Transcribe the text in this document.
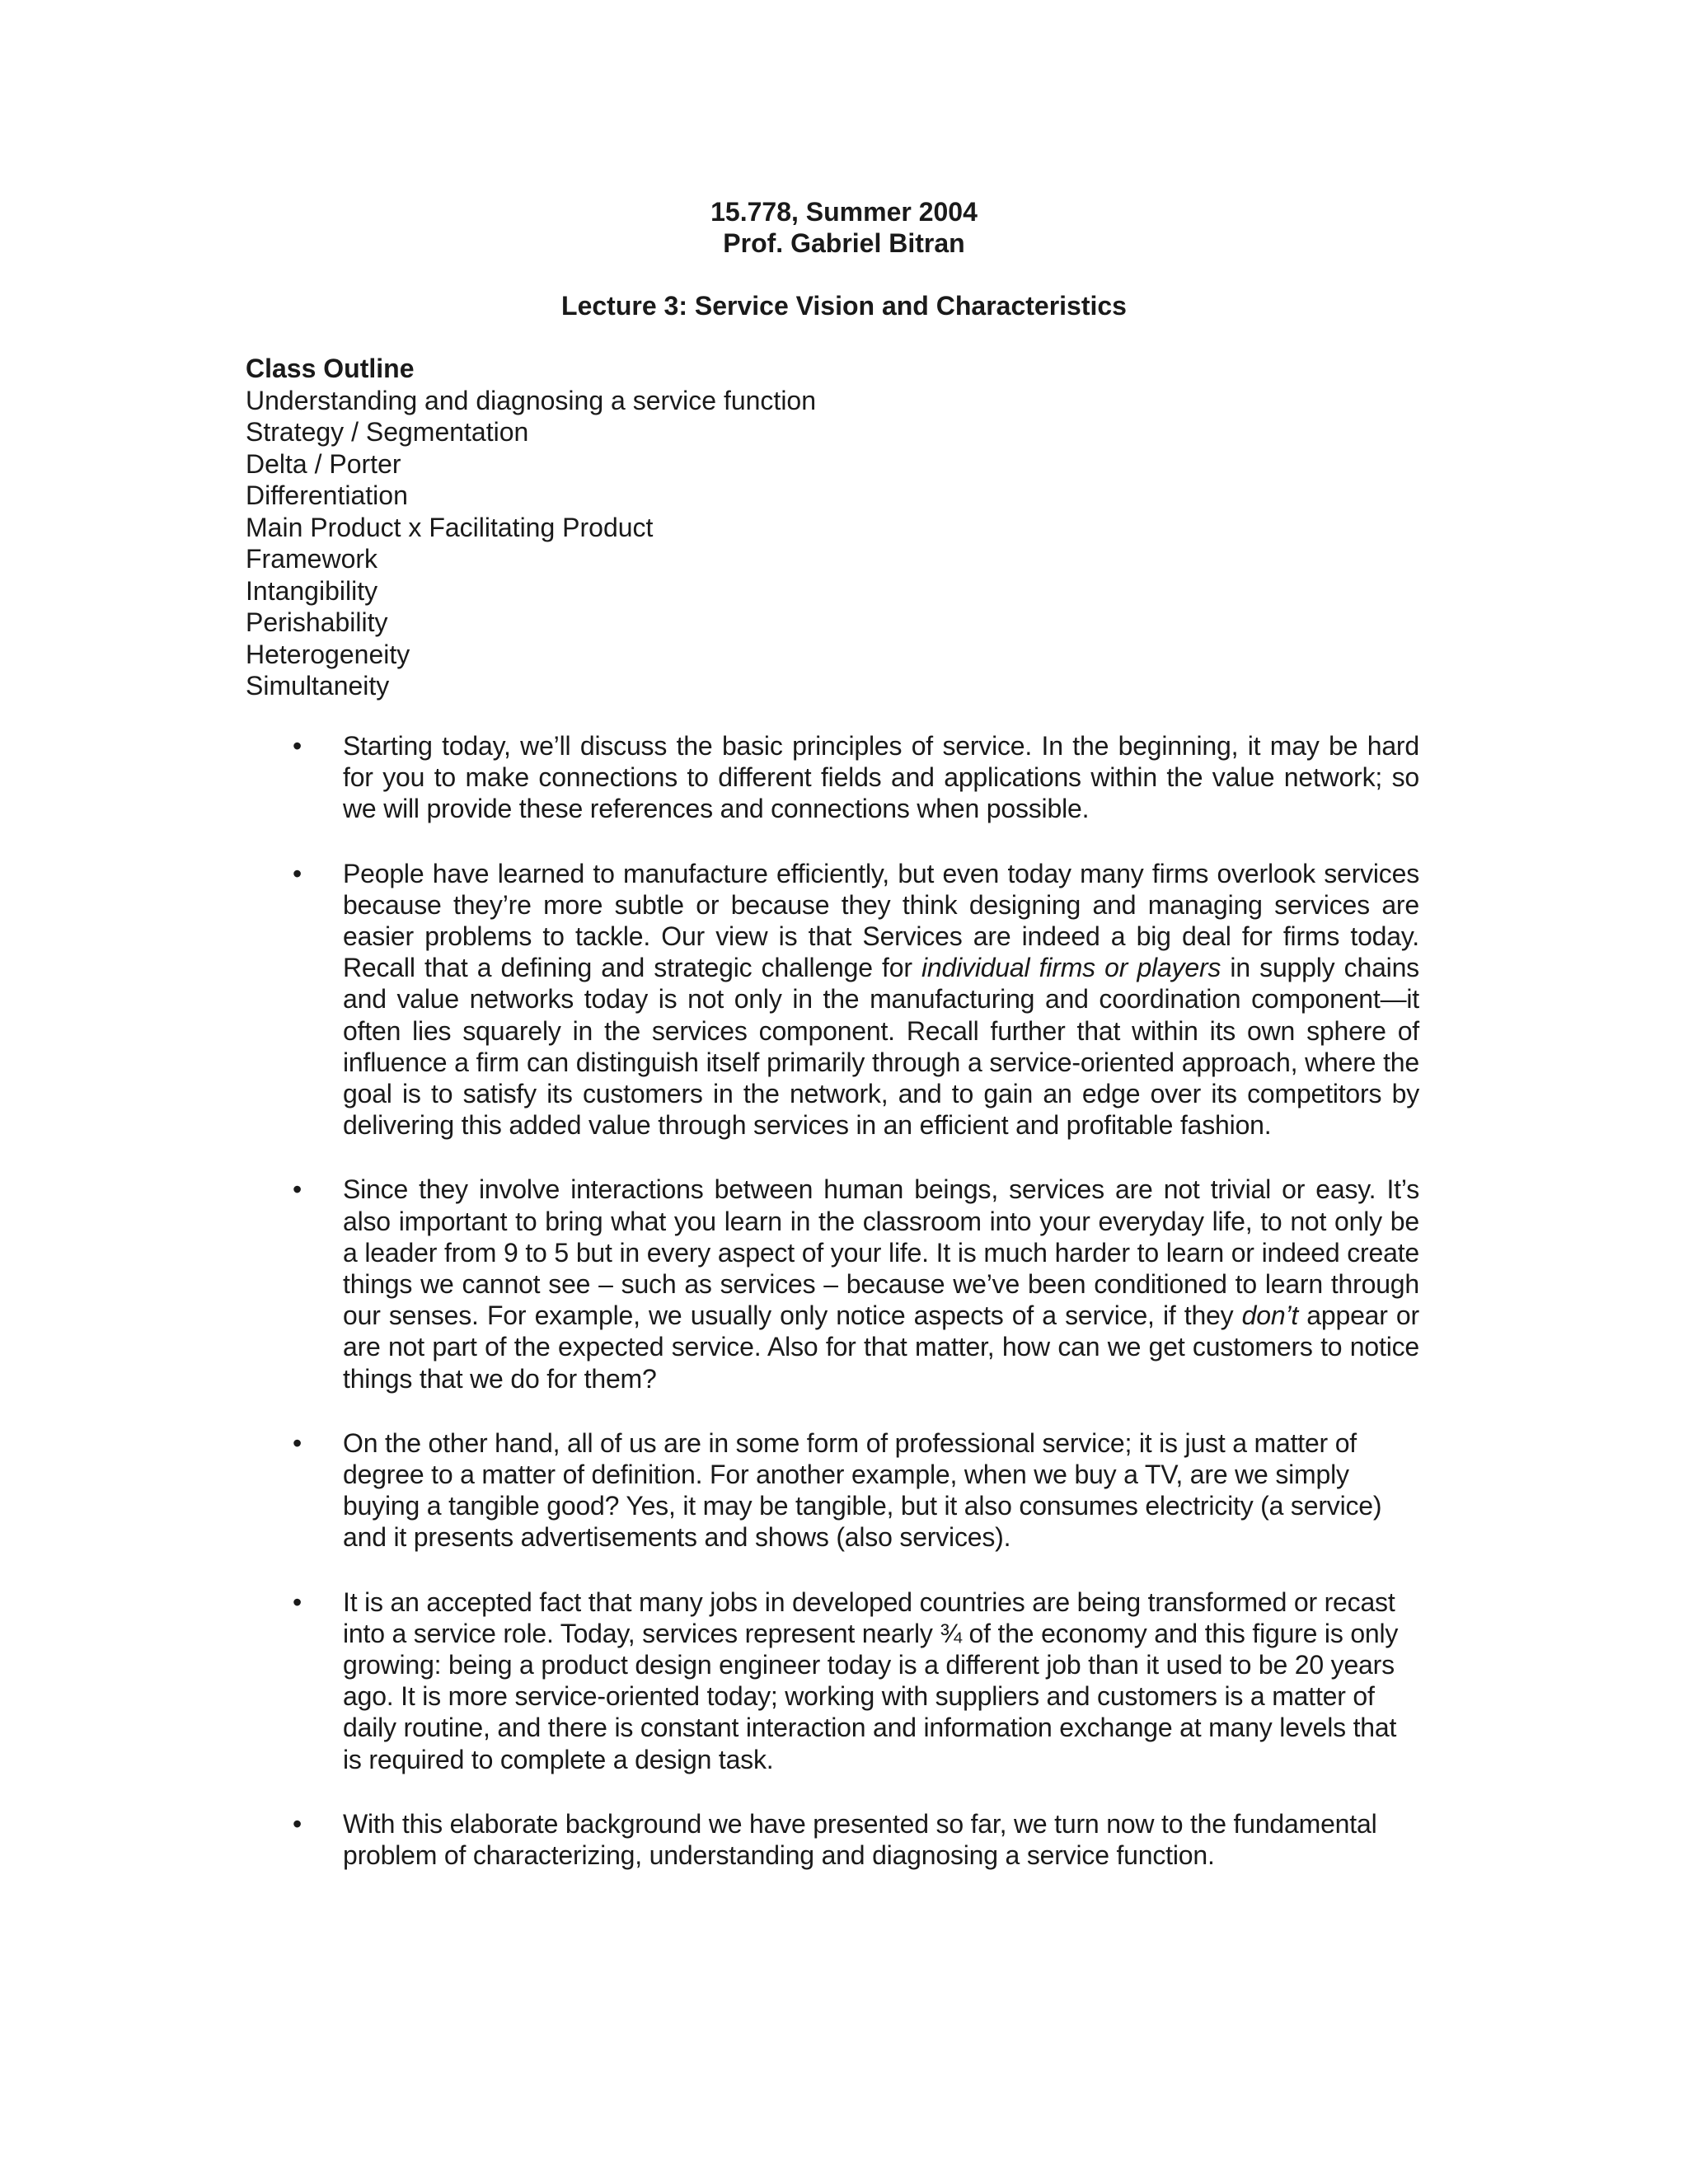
15.778, Summer 2004
Prof. Gabriel Bitran
Lecture 3: Service Vision and Characteristics
Class Outline
Understanding and diagnosing a service function
Strategy / Segmentation
Delta / Porter
Differentiation
Main Product x Facilitating Product
Framework
Intangibility
Perishability
Heterogeneity
Simultaneity
• Starting today, we’ll discuss the basic principles of service. In the beginning, it may be hard for you to make connections to different fields and applications within the value network; so we will provide these references and connections when possible.
• People have learned to manufacture efficiently, but even today many firms overlook services because they’re more subtle or because they think designing and managing services are easier problems to tackle. Our view is that Services are indeed a big deal for firms today. Recall that a defining and strategic challenge for individual firms or players in supply chains and value networks today is not only in the manufacturing and coordination component—it often lies squarely in the services component. Recall further that within its own sphere of influence a firm can distinguish itself primarily through a service-oriented approach, where the goal is to satisfy its customers in the network, and to gain an edge over its competitors by delivering this added value through services in an efficient and profitable fashion.
• Since they involve interactions between human beings, services are not trivial or easy. It’s also important to bring what you learn in the classroom into your everyday life, to not only be a leader from 9 to 5 but in every aspect of your life. It is much harder to learn or indeed create things we cannot see – such as services – because we’ve been conditioned to learn through our senses. For example, we usually only notice aspects of a service, if they don’t appear or are not part of the expected service. Also for that matter, how can we get customers to notice things that we do for them?
• On the other hand, all of us are in some form of professional service; it is just a matter of degree to a matter of definition. For another example, when we buy a TV, are we simply buying a tangible good? Yes, it may be tangible, but it also consumes electricity (a service) and it presents advertisements and shows (also services).
• It is an accepted fact that many jobs in developed countries are being transformed or recast into a service role. Today, services represent nearly ¾ of the economy and this figure is only growing: being a product design engineer today is a different job than it used to be 20 years ago. It is more service-oriented today; working with suppliers and customers is a matter of daily routine, and there is constant interaction and information exchange at many levels that is required to complete a design task.
• With this elaborate background we have presented so far, we turn now to the fundamental problem of characterizing, understanding and diagnosing a service function.
